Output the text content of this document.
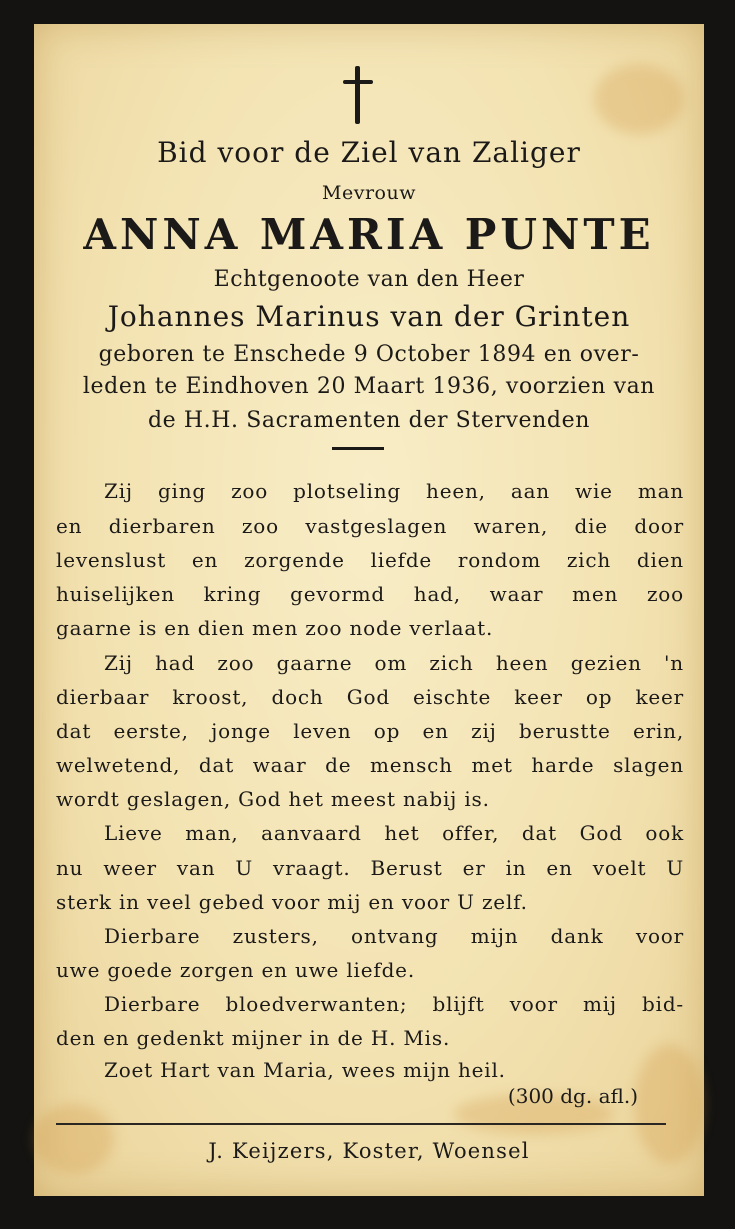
Bid voor de Ziel van Zaliger
Mevrouw
ANNA MARIA PUNTE
Echtgenoote van den Heer
Johannes Marinus van der Grinten
geboren te Enschede 9 October 1894 en over-
leden te Eindhoven 20 Maart 1936, voorzien van
de H.H. Sacramenten der Stervenden
Zij ging zoo plotseling heen, aan wie man
en dierbaren zoo vastgeslagen waren, die door
levenslust en zorgende liefde rondom zich dien
huiselijken kring gevormd had, waar men zoo
gaarne is en dien men zoo node verlaat.
Zij had zoo gaarne om zich heen gezien 'n
dierbaar kroost, doch God eischte keer op keer
dat eerste, jonge leven op en zij berustte erin,
welwetend, dat waar de mensch met harde slagen
wordt geslagen, God het meest nabij is.
Lieve man, aanvaard het offer, dat God ook
nu weer van U vraagt. Berust er in en voelt U
sterk in veel gebed voor mij en voor U zelf.
Dierbare zusters, ontvang mijn dank voor
uwe goede zorgen en uwe liefde.
Dierbare bloedverwanten; blijft voor mij bid-
den en gedenkt mijner in de H. Mis.
Zoet Hart van Maria, wees mijn heil.
(300 dg. afl.)
J. Keijzers, Koster, Woensel
